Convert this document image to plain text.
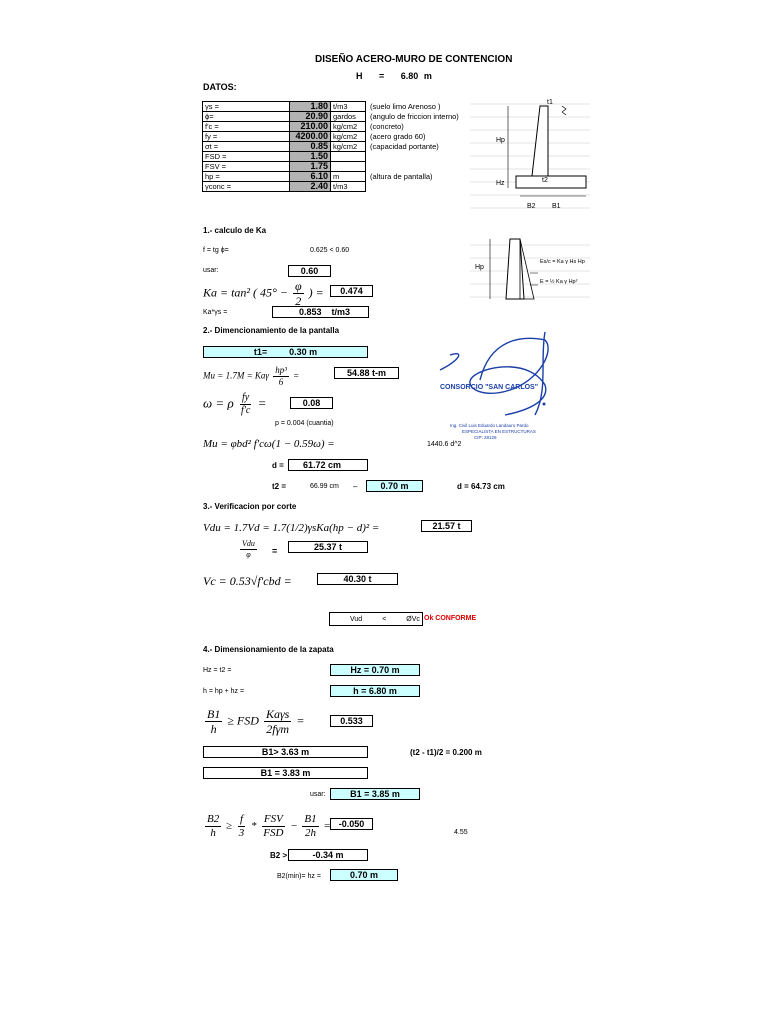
DISEÑO ACERO-MURO DE CONTENCION
H = 6.80 m
DATOS:
γs =	1.80	t/m3	(suelo limo Arenoso )
ϕ=	20.90	gardos	(angulo de friccion interno)
f'c =	210.00	kg/cm2	(concreto)
fy =	4200.00	kg/cm2	(acero grado 60)
σt =	0.85	kg/cm2	(capacidad portante)
FSD =	1.50		
FSV =	1.75		
hp =	6.10	m	(altura de pantalla)
γconc =	2.40	t/m3	
t1
Hp
Hz	t2
B2 B1
Hp
Es/c = Ka γ Hs Hp
E = ½ Ka γ Hp²
1.- calculo de Ka
f = tg ϕ=	0.625 < 0.60
usar:	0.60
Ka = tan² ( $45^\circ - \frac{\varphi}{2}$ ) =	0.474
Ka*γs =	0.853 t/m3
2.- Dimencionamiento de la pantalla
t1= 0.30 m
Mu = 1.7M = Kaγ $\frac{\text{hp³}}{6}$ =	54.88 t-m
ω = ρ $\frac{fy}{f'c}$ =	0.08
p = 0.004 (cuantia)
Mu = φbd² f'cω(1 − 0.59ω) =	1440.6 d^2
d =	61.72 cm
t2 =	66.99 cm –	0.70 m	d = 64.73 cm
CONSORCIO "SAN CARLOS"
Ing. Civil Luis Eduardo Landauro Pardo
ESPECIALISTA EN ESTRUCTURAS
CIP: 28129
3.- Verificacion por corte
Vdu = 1.7Vd = 1.7(1/2)γsKa(hp − d)² =	21.57 t
$\frac{\text{Vdu}}{\varphi}$ =	25.37 t
Vc = 0.53√f'cbd =	40.30 t
Vud	<	ØVc Ok CONFORME
4.- Dimensionamiento de la zapata
Hz = t2 =	Hz = 0.70 m
h = hp + hz =	h = 6.80 m
$\frac{B1}{h}$ ≥ FSD $\frac{\text{Kaγs}}{\text{2fγm}}$ =	0.533
B1> 3.63 m	(t2 - t1)/2 = 0.200 m
B1 = 3.83 m
usar:	B1 = 3.85 m
$\frac{B2}{h} \ge \frac{f}{3} * \frac{\text{FSV}}{\text{FSD}} - \frac{B1}{2h} = -0.050$
4.55
B2 >	-0.34 m
B2(min)= hz =	0.70 m
